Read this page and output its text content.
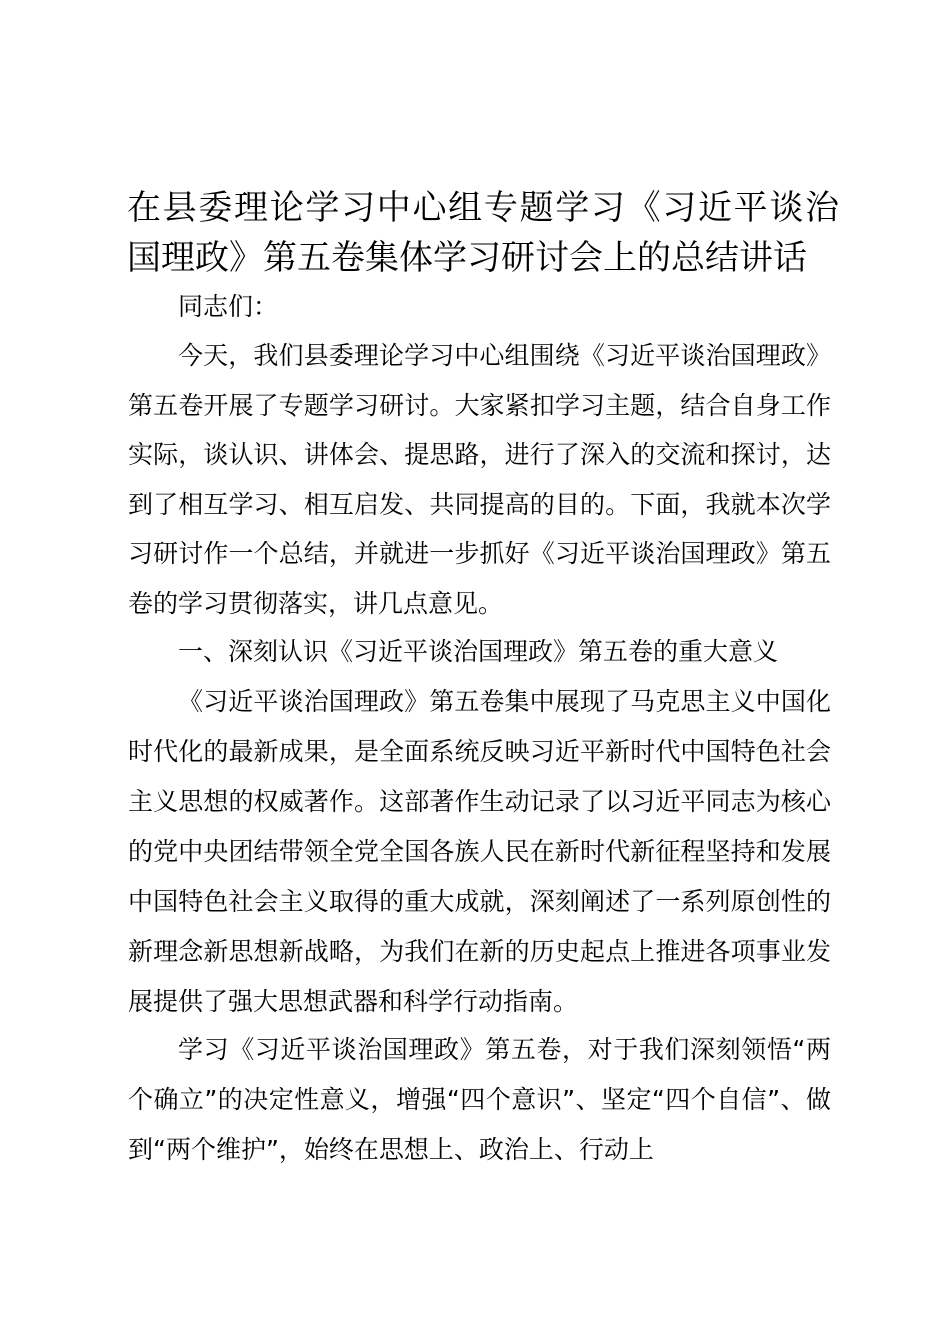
在县委理论学习中心组专题学习《习近平谈治国理政》第五卷集体学习研讨会上的总结讲话
同志们：
今天，我们县委理论学习中心组围绕《习近平谈治国理政》第五卷开展了专题学习研讨。大家紧扣学习主题，结合自身工作实际，谈认识、讲体会、提思路，进行了深入的交流和探讨，达到了相互学习、相互启发、共同提高的目的。下面，我就本次学习研讨作一个总结，并就进一步抓好《习近平谈治国理政》第五卷的学习贯彻落实，讲几点意见。
一、深刻认识《习近平谈治国理政》第五卷的重大意义
《习近平谈治国理政》第五卷集中展现了马克思主义中国化时代化的最新成果，是全面系统反映习近平新时代中国特色社会主义思想的权威著作。这部著作生动记录了以习近平同志为核心的党中央团结带领全党全国各族人民在新时代新征程坚持和发展中国特色社会主义取得的重大成就，深刻阐述了一系列原创性的新理念新思想新战略，为我们在新的历史起点上推进各项事业发展提供了强大思想武器和科学行动指南。
学习《习近平谈治国理政》第五卷，对于我们深刻领悟“两个确立”的决定性意义，增强“四个意识”、坚定“四个自信”、做到“两个维护”，始终在思想上、政治上、行动上
